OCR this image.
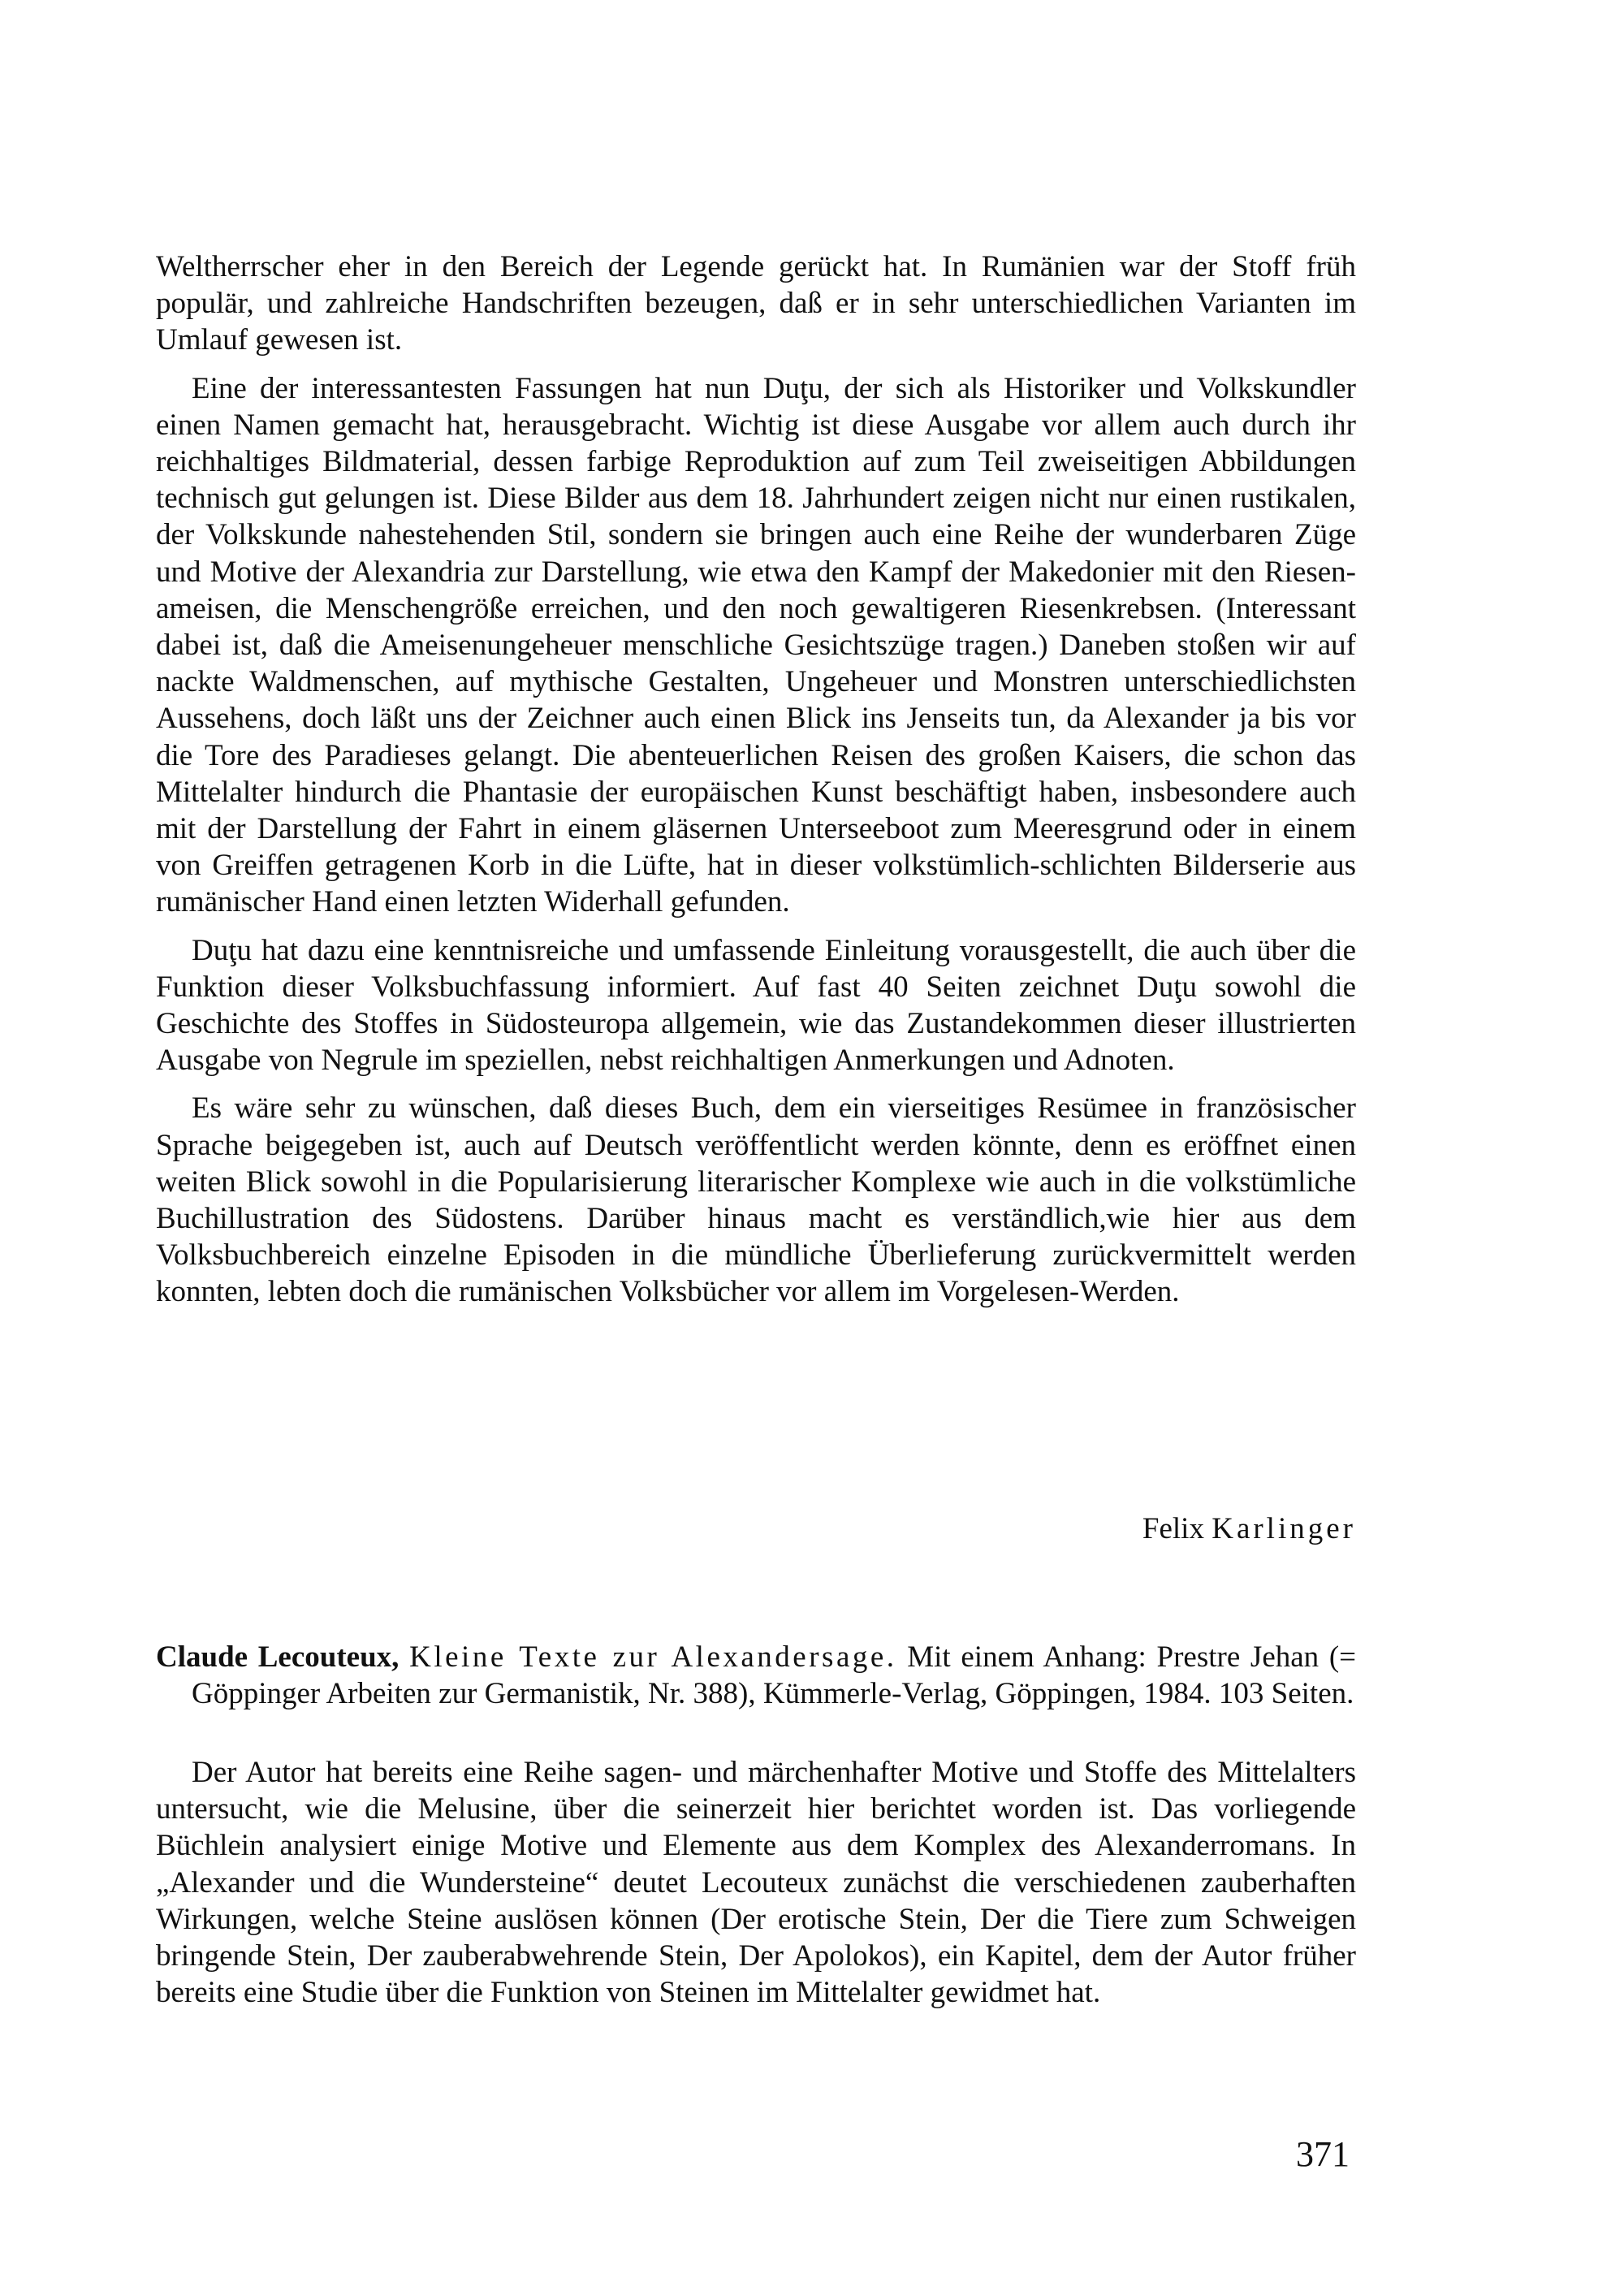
Weltherrscher eher in den Bereich der Legende gerückt hat. In Rumänien war der Stoff früh populär, und zahlreiche Handschriften bezeugen, daß er in sehr unterschiedlichen Varianten im Umlauf gewesen ist.

Eine der interessantesten Fassungen hat nun Duţu, der sich als Historiker und Volkskundler einen Namen gemacht hat, herausgebracht. Wichtig ist diese Ausgabe vor allem auch durch ihr reichhaltiges Bildmaterial, dessen farbige Reproduktion auf zum Teil zweiseitigen Abbildungen technisch gut gelungen ist. Diese Bilder aus dem 18. Jahrhundert zeigen nicht nur einen rustikalen, der Volkskunde nahestehenden Stil, sondern sie bringen auch eine Reihe der wunderbaren Züge und Motive der Alexandria zur Darstellung, wie etwa den Kampf der Makedonier mit den Riesenameisen, die Menschengröße erreichen, und den noch gewaltigeren Riesenkrebsen. (Interessant dabei ist, daß die Ameisenungeheuer menschliche Gesichtszüge tragen.) Daneben stoßen wir auf nackte Waldmenschen, auf mythische Gestalten, Ungeheuer und Monstren unterschiedlichsten Aussehens, doch läßt uns der Zeichner auch einen Blick ins Jenseits tun, da Alexander ja bis vor die Tore des Paradieses gelangt. Die abenteuerlichen Reisen des großen Kaisers, die schon das Mittelalter hindurch die Phantasie der europäischen Kunst beschäftigt haben, insbesondere auch mit der Darstellung der Fahrt in einem gläsernen Unterseeboot zum Meeresgrund oder in einem von Greiffen getragenen Korb in die Lüfte, hat in dieser volkstümlich-schlichten Bilderserie aus rumänischer Hand einen letzten Widerhall gefunden.

Duţu hat dazu eine kenntnisreiche und umfassende Einleitung vorausgestellt, die auch über die Funktion dieser Volksbuchfassung informiert. Auf fast 40 Seiten zeichnet Duţu sowohl die Geschichte des Stoffes in Südosteuropa allgemein, wie das Zustandekommen dieser illustrierten Ausgabe von Negrule im speziellen, nebst reichhaltigen Anmerkungen und Adnoten.

Es wäre sehr zu wünschen, daß dieses Buch, dem ein vierseitiges Resümee in französischer Sprache beigegeben ist, auch auf Deutsch veröffentlicht werden könnte, denn es eröffnet einen weiten Blick sowohl in die Popularisierung literarischer Komplexe wie auch in die volkstümliche Buchillustration des Südostens. Darüber hinaus macht es verständlich,wie hier aus dem Volksbuchbereich einzelne Episoden in die mündliche Überlieferung zurückvermittelt werden konnten, lebten doch die rumänischen Volksbücher vor allem im Vorgelesen-Werden.

Felix Karlinger
Claude Lecouteux, Kleine Texte zur Alexandersage. Mit einem Anhang: Prestre Jehan (= Göppinger Arbeiten zur Germanistik, Nr. 388), Kümmerle-Verlag, Göppingen, 1984. 103 Seiten.

Der Autor hat bereits eine Reihe sagen- und märchenhafter Motive und Stoffe des Mittelalters untersucht, wie die Melusine, über die seinerzeit hier berichtet worden ist. Das vorliegende Büchlein analysiert einige Motive und Elemente aus dem Komplex des Alexanderromans. In „Alexander und die Wundersteine“ deutet Lecouteux zunächst die verschiedenen zauberhaften Wirkungen, welche Steine auslösen können (Der erotische Stein, Der die Tiere zum Schweigen bringende Stein, Der zauberabwehrende Stein, Der Apolokos), ein Kapitel, dem der Autor früher bereits eine Studie über die Funktion von Steinen im Mittelalter gewidmet hat.

371
